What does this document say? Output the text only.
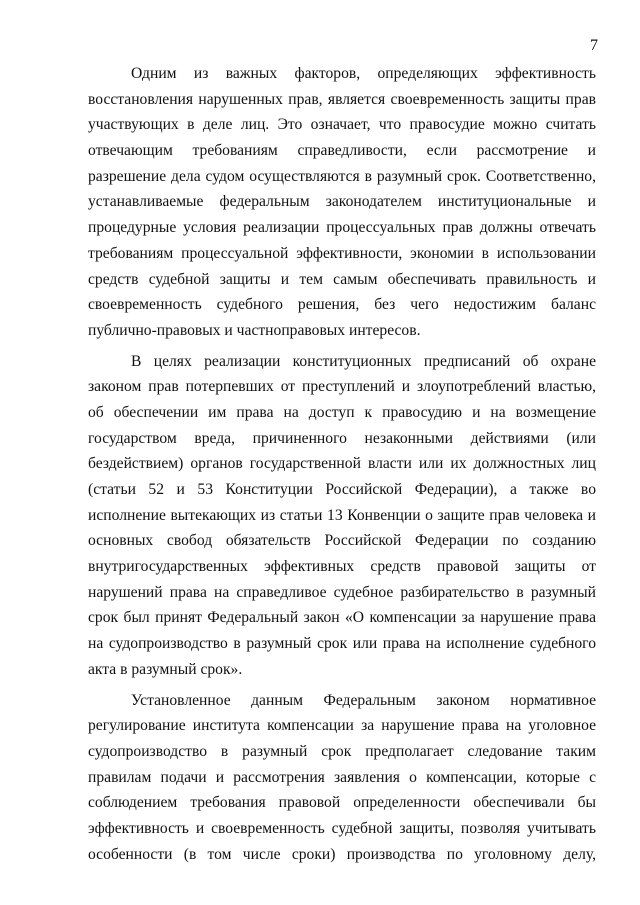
7
Одним из важных факторов, определяющих эффективность
восстановления нарушенных прав, является своевременность защиты прав
участвующих в деле лиц. Это означает, что правосудие можно считать
отвечающим требованиям справедливости, если рассмотрение и
разрешение дела судом осуществляются в разумный срок. Соответственно,
устанавливаемые федеральным законодателем институциональные и
процедурные условия реализации процессуальных прав должны отвечать
требованиям процессуальной эффективности, экономии в использовании
средств судебной защиты и тем самым обеспечивать правильность и
своевременность судебного решения, без чего недостижим баланс
публично-правовых и частноправовых интересов.
В целях реализации конституционных предписаний об охране
законом прав потерпевших от преступлений и злоупотреблений властью,
об обеспечении им права на доступ к правосудию и на возмещение
государством вреда, причиненного незаконными действиями (или
бездействием) органов государственной власти или их должностных лиц
(статьи 52 и 53 Конституции Российской Федерации), а также во
исполнение вытекающих из статьи 13 Конвенции о защите прав человека и
основных свобод обязательств Российской Федерации по созданию
внутригосударственных эффективных средств правовой защиты от
нарушений права на справедливое судебное разбирательство в разумный
срок был принят Федеральный закон «О компенсации за нарушение права
на судопроизводство в разумный срок или права на исполнение судебного
акта в разумный срок».
Установленное данным Федеральным законом нормативное
регулирование института компенсации за нарушение права на уголовное
судопроизводство в разумный срок предполагает следование таким
правилам подачи и рассмотрения заявления о компенсации, которые с
соблюдением требования правовой определенности обеспечивали бы
эффективность и своевременность судебной защиты, позволяя учитывать
особенности (в том числе сроки) производства по уголовному делу,
